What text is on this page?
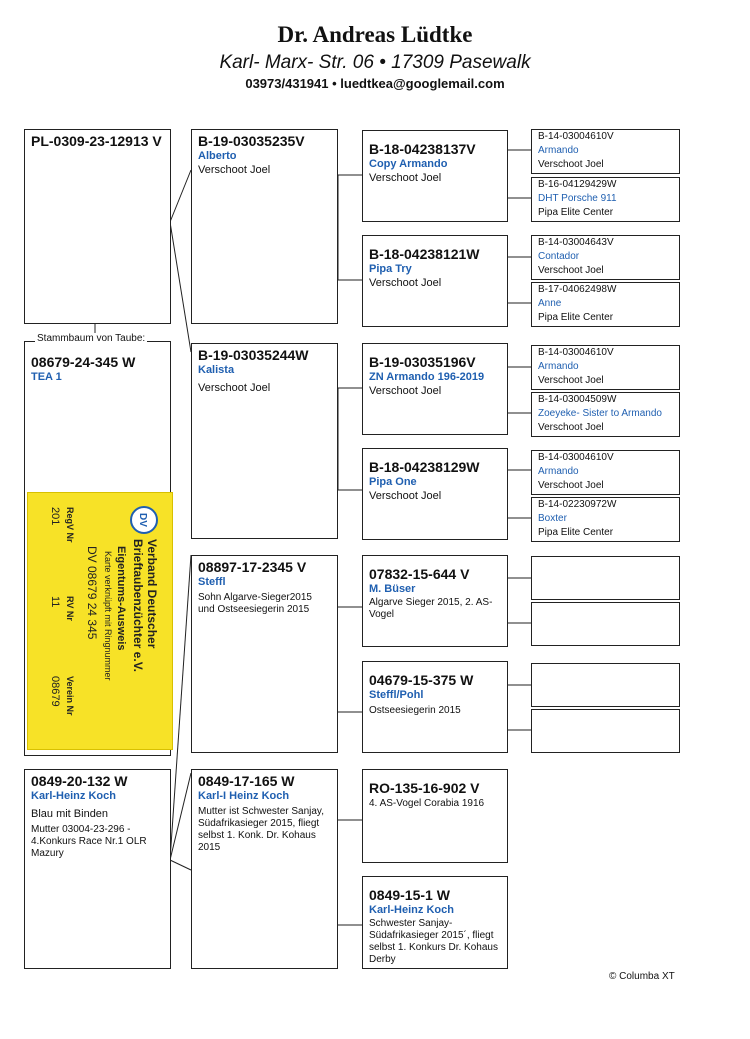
Dr. Andreas Lüdtke
Karl- Marx- Str. 06 • 17309 Pasewalk
03973/431941 • luedtkea@googlemail.com
PL-0309-23-12913 V
08679-24-345 W
TEA 1
Stammbaum von Taube:
Verband Deutscher
Brieftaubenzüchter e.V.
Eigentums-Ausweis
Karte verknüpft mit Ringnummer
DV 08679 24 345
RegV Nr
201
RV Nr
11
Verein Nr
08679
DV
0849-20-132 W
Karl-Heinz Koch
Blau mit Binden
Mutter 03004-23-296 - 4.Konkurs Race Nr.1 OLR Mazury
B-19-03035235V
Alberto
Verschoot Joel
B-19-03035244W
Kalista
Verschoot Joel
08897-17-2345 V
Steffl
Sohn Algarve-Sieger2015 und Ostseesiegerin 2015
0849-17-165 W
Karl-I Heinz Koch
Mutter ist Schwester Sanjay, Südafrikasieger 2015, fliegt selbst 1. Konk. Dr. Kohaus 2015
B-18-04238137V
Copy Armando
Verschoot Joel
B-18-04238121W
Pipa Try
Verschoot Joel
B-19-03035196V
ZN Armando 196-2019
Verschoot Joel
B-18-04238129W
Pipa One
Verschoot Joel
07832-15-644 V
M. Büser
Algarve Sieger 2015, 2. AS-Vogel
04679-15-375 W
Steffl/Pohl
Ostseesiegerin 2015
RO-135-16-902 V
4. AS-Vogel Corabia 1916
0849-15-1 W
Karl-Heinz Koch
Schwester Sanjay- Südafrikasieger 2015´, fliegt selbst 1. Konkurs Dr. Kohaus Derby
B-14-03004610V
Armando
Verschoot Joel
B-16-04129429W
DHT Porsche 911
Pipa Elite Center
B-14-03004643V
Contador
Verschoot Joel
B-17-04062498W
Anne
Pipa Elite Center
B-14-03004610V
Armando
Verschoot Joel
B-14-03004509W
Zoeyeke- Sister to Armando
Verschoot Joel
B-14-03004610V
Armando
Verschoot Joel
B-14-02230972W
Boxter
Pipa Elite Center
© Columba XT
